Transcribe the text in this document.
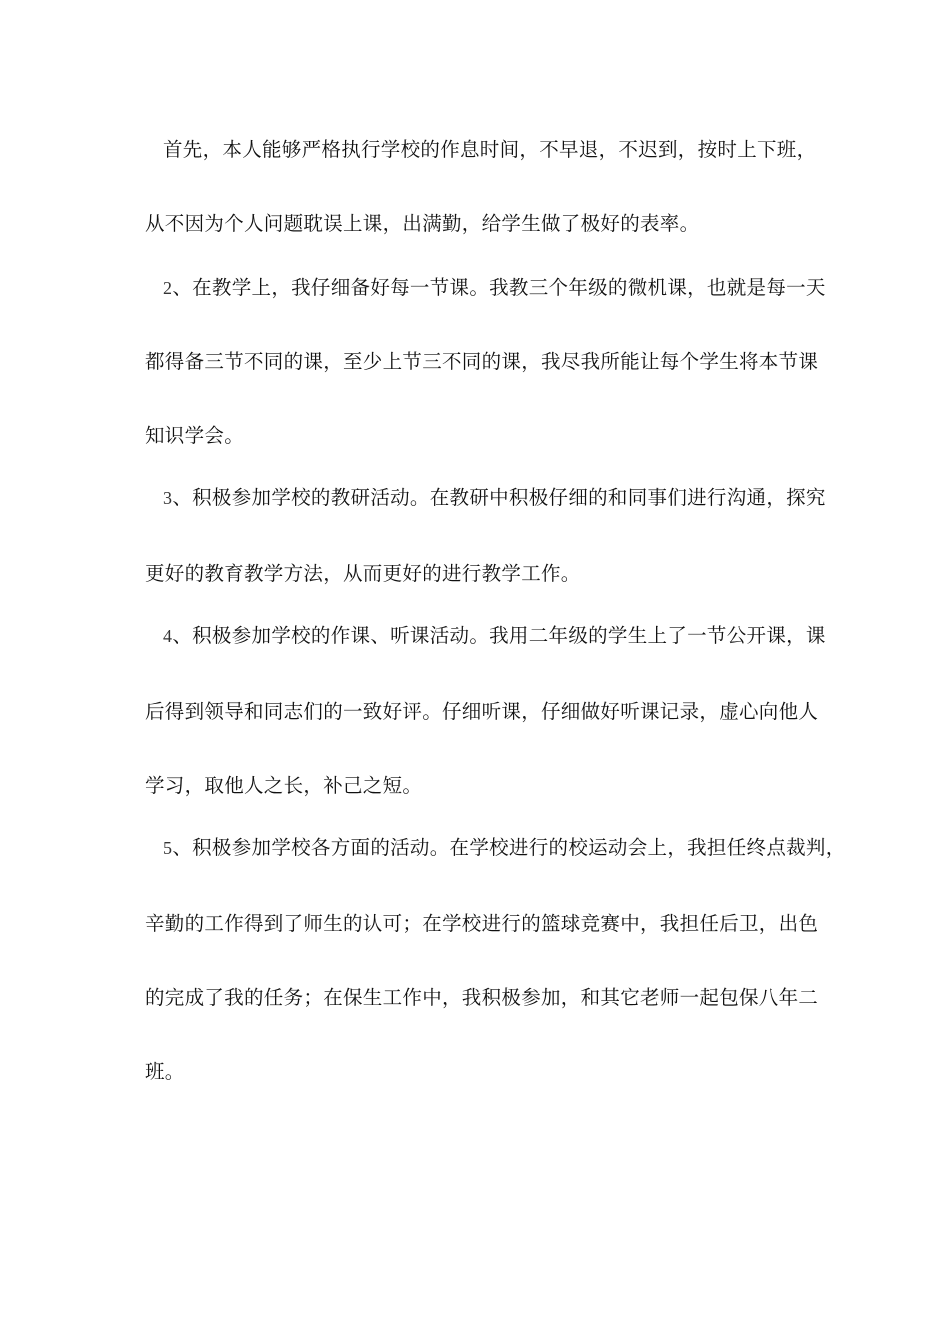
首先，本人能够严格执行学校的作息时间，不早退，不迟到，按时上下班，
从不因为个人问题耽误上课，出满勤，给学生做了极好的表率。
2、在教学上，我仔细备好每一节课。我教三个年级的微机课，也就是每一天
都得备三节不同的课，至少上节三不同的课，我尽我所能让每个学生将本节课
知识学会。
3、积极参加学校的教研活动。在教研中积极仔细的和同事们进行沟通，探究
更好的教育教学方法，从而更好的进行教学工作。
4、积极参加学校的作课、听课活动。我用二年级的学生上了一节公开课，课
后得到领导和同志们的一致好评。仔细听课，仔细做好听课记录，虚心向他人
学习，取他人之长，补己之短。
5、积极参加学校各方面的活动。在学校进行的校运动会上，我担任终点裁判，
辛勤的工作得到了师生的认可；在学校进行的篮球竞赛中，我担任后卫，出色
的完成了我的任务；在保生工作中，我积极参加，和其它老师一起包保八年二
班。
